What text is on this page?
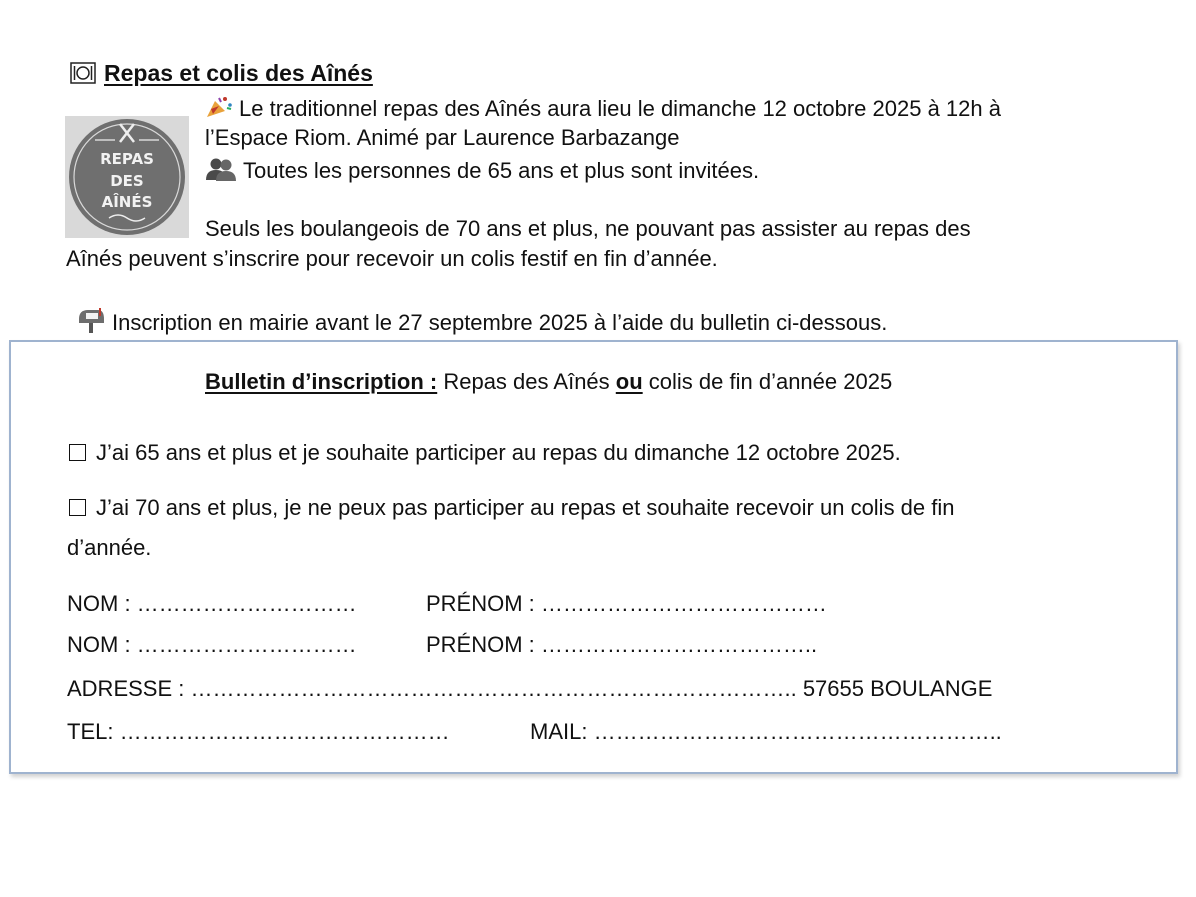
Repas et colis des Aînés
REPAS
DES
AÎNÉS
Le traditionnel repas des Aînés aura lieu le dimanche 12 octobre 2025 à 12h à
l’Espace Riom. Animé par Laurence Barbazange
Toutes les personnes de 65 ans et plus sont invitées.
Seuls les boulangeois de 70 ans et plus, ne pouvant pas assister au repas des
Aînés peuvent s’inscrire pour recevoir un colis festif en fin d’année.
Inscription en mairie avant le 27 septembre 2025 à l’aide du bulletin ci-dessous.
Bulletin d’inscription : Repas des Aînés ou colis de fin d’année 2025
J’ai 65 ans et plus et je souhaite participer au repas du dimanche 12 octobre 2025.
J’ai 70 ans et plus, je ne peux pas participer au repas et souhaite recevoir un colis de fin
d’année.
NOM : …………………………	PRÉNOM : …………………………………
NOM : …………………………	PRÉNOM : ………………………………..
ADRESSE : ……………………………………………………………………….. 57655 BOULANGE
TEL: ………………………………………	MAIL: ………………………………………………..
